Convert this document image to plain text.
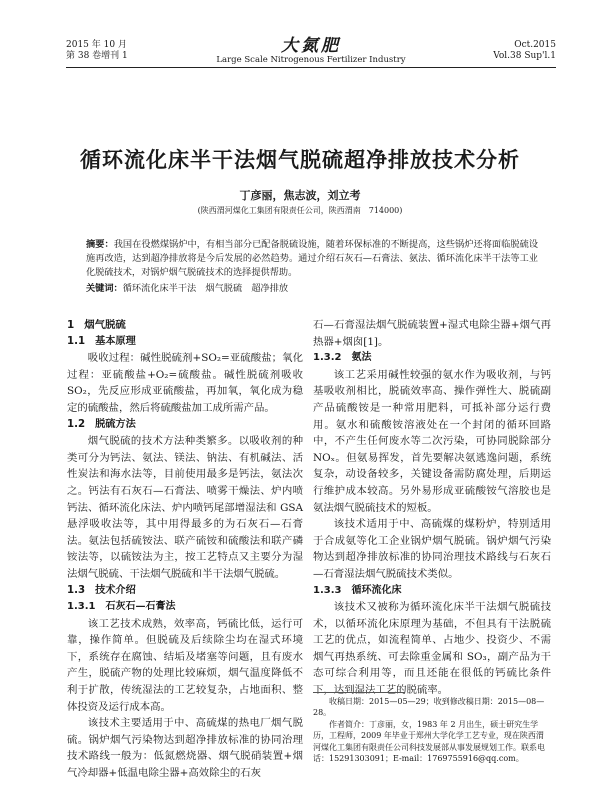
2015 年 10 月
第 38 卷增刊 1	大氮肥
Large Scale Nitrogenous Fertilizer Industry
Oct.2015
Vol.38 Sup'l.1
循环流化床半干法烟气脱硫超净排放技术分析
丁彦丽，焦志波，刘立考
(陕西渭河煤化工集团有限责任公司，陕西渭南　714000)
摘要：我国在役燃煤锅炉中，有相当部分已配备脱硫设施，随着环保标准的不断提高，这些锅炉还将面临脱硫设施再改造，达到超净排放将是今后发展的必然趋势。通过介绍石灰石—石膏法、氨法、循环流化床半干法等工业化脱硫技术，对锅炉烟气脱硫技术的选择提供帮助。
关键词：循环流化床半干法　烟气脱硫　超净排放
1 烟气脱硫
1.1 基本原理

吸收过程：碱性脱硫剂+SO₂=亚硫酸盐；氧化过程：亚硫酸盐+O₂=硫酸盐。碱性脱硫剂吸收 SO₂，先反应形成亚硫酸盐，再加氧，氧化成为稳定的硫酸盐，然后将硫酸盐加工成所需产品。

1.2 脱硫方法

烟气脱硫的技术方法种类繁多。以吸收剂的种类可分为钙法、氨法、镁法、钠法、有机碱法、活性炭法和海水法等，目前使用最多是钙法，氨法次之。钙法有石灰石—石膏法、喷雾干燥法、炉内喷钙法、循环流化床法、炉内喷钙尾部增湿法和 GSA 悬浮吸收法等，其中用得最多的为石灰石—石膏法。氨法包括硫铵法、联产硫铵和硫酸法和联产磷铵法等，以硫铵法为主，按工艺特点又主要分为湿法烟气脱硫、干法烟气脱硫和半干法烟气脱硫。

1.3 技术介绍
1.3.1 石灰石—石膏法

该工艺技术成熟，效率高，钙硫比低，运行可靠，操作简单。但脱硫及后续除尘均在湿式环境下，系统存在腐蚀、结垢及堵塞等问题，且有废水产生，脱硫产物的处理比较麻烦，烟气温度降低不利于扩散，传统湿法的工艺较复杂，占地面积、整体投资及运行成本高。

该技术主要适用于中、高硫煤的热电厂烟气脱硫。锅炉烟气污染物达到超净排放标准的协同治理技术路线一般为：低氮燃烧器、烟气脱硝装置+烟气冷却器+低温电除尘器+高效除尘的石灰

石—石膏湿法烟气脱硫装置+湿式电除尘器+烟气再热器+烟囱[1]。

1.3.2 氨法

该工艺采用碱性较强的氨水作为吸收剂，与钙基吸收剂相比，脱硫效率高、操作弹性大、脱硫副产品硫酸铵是一种常用肥料，可抵补部分运行费用。氨水和硫酸铵溶液处在一个封闭的循环回路中，不产生任何废水等二次污染，可协同脱除部分 NOₓ。但氨易挥发，首先要解决氨逃逸问题，系统复杂，动设备较多，关键设备需防腐处理，后期运行维护成本较高。另外易形成亚硫酸铵气溶胶也是氨法烟气脱硫技术的短板。

该技术适用于中、高硫煤的煤粉炉，特别适用于合成氨等化工企业锅炉烟气脱硫。锅炉烟气污染物达到超净排放标准的协同治理技术路线与石灰石—石膏湿法烟气脱硫技术类似。

1.3.3 循环流化床

该技术又被称为循环流化床半干法烟气脱硫技术，以循环流化床原理为基础，不但具有干法脱硫工艺的优点，如流程简单、占地少、投资少、不需烟气再热系统、可去除重金属和 SO₃，副产品为干态可综合利用等，而且还能在很低的钙硫比条件下，达到湿法工艺的脱硫率。

收稿日期：2015—05—29；收到修改稿日期：2015—08—28。

作者简介：丁彦丽，女，1983 年 2 月出生，硕士研究生学历，工程师，2009 年毕业于郑州大学化学工艺专业，现在陕西渭河煤化工集团有限责任公司科技发展部从事发展规划工作。联系电话：15291303091；E-mail：1769755916@qq.com。
